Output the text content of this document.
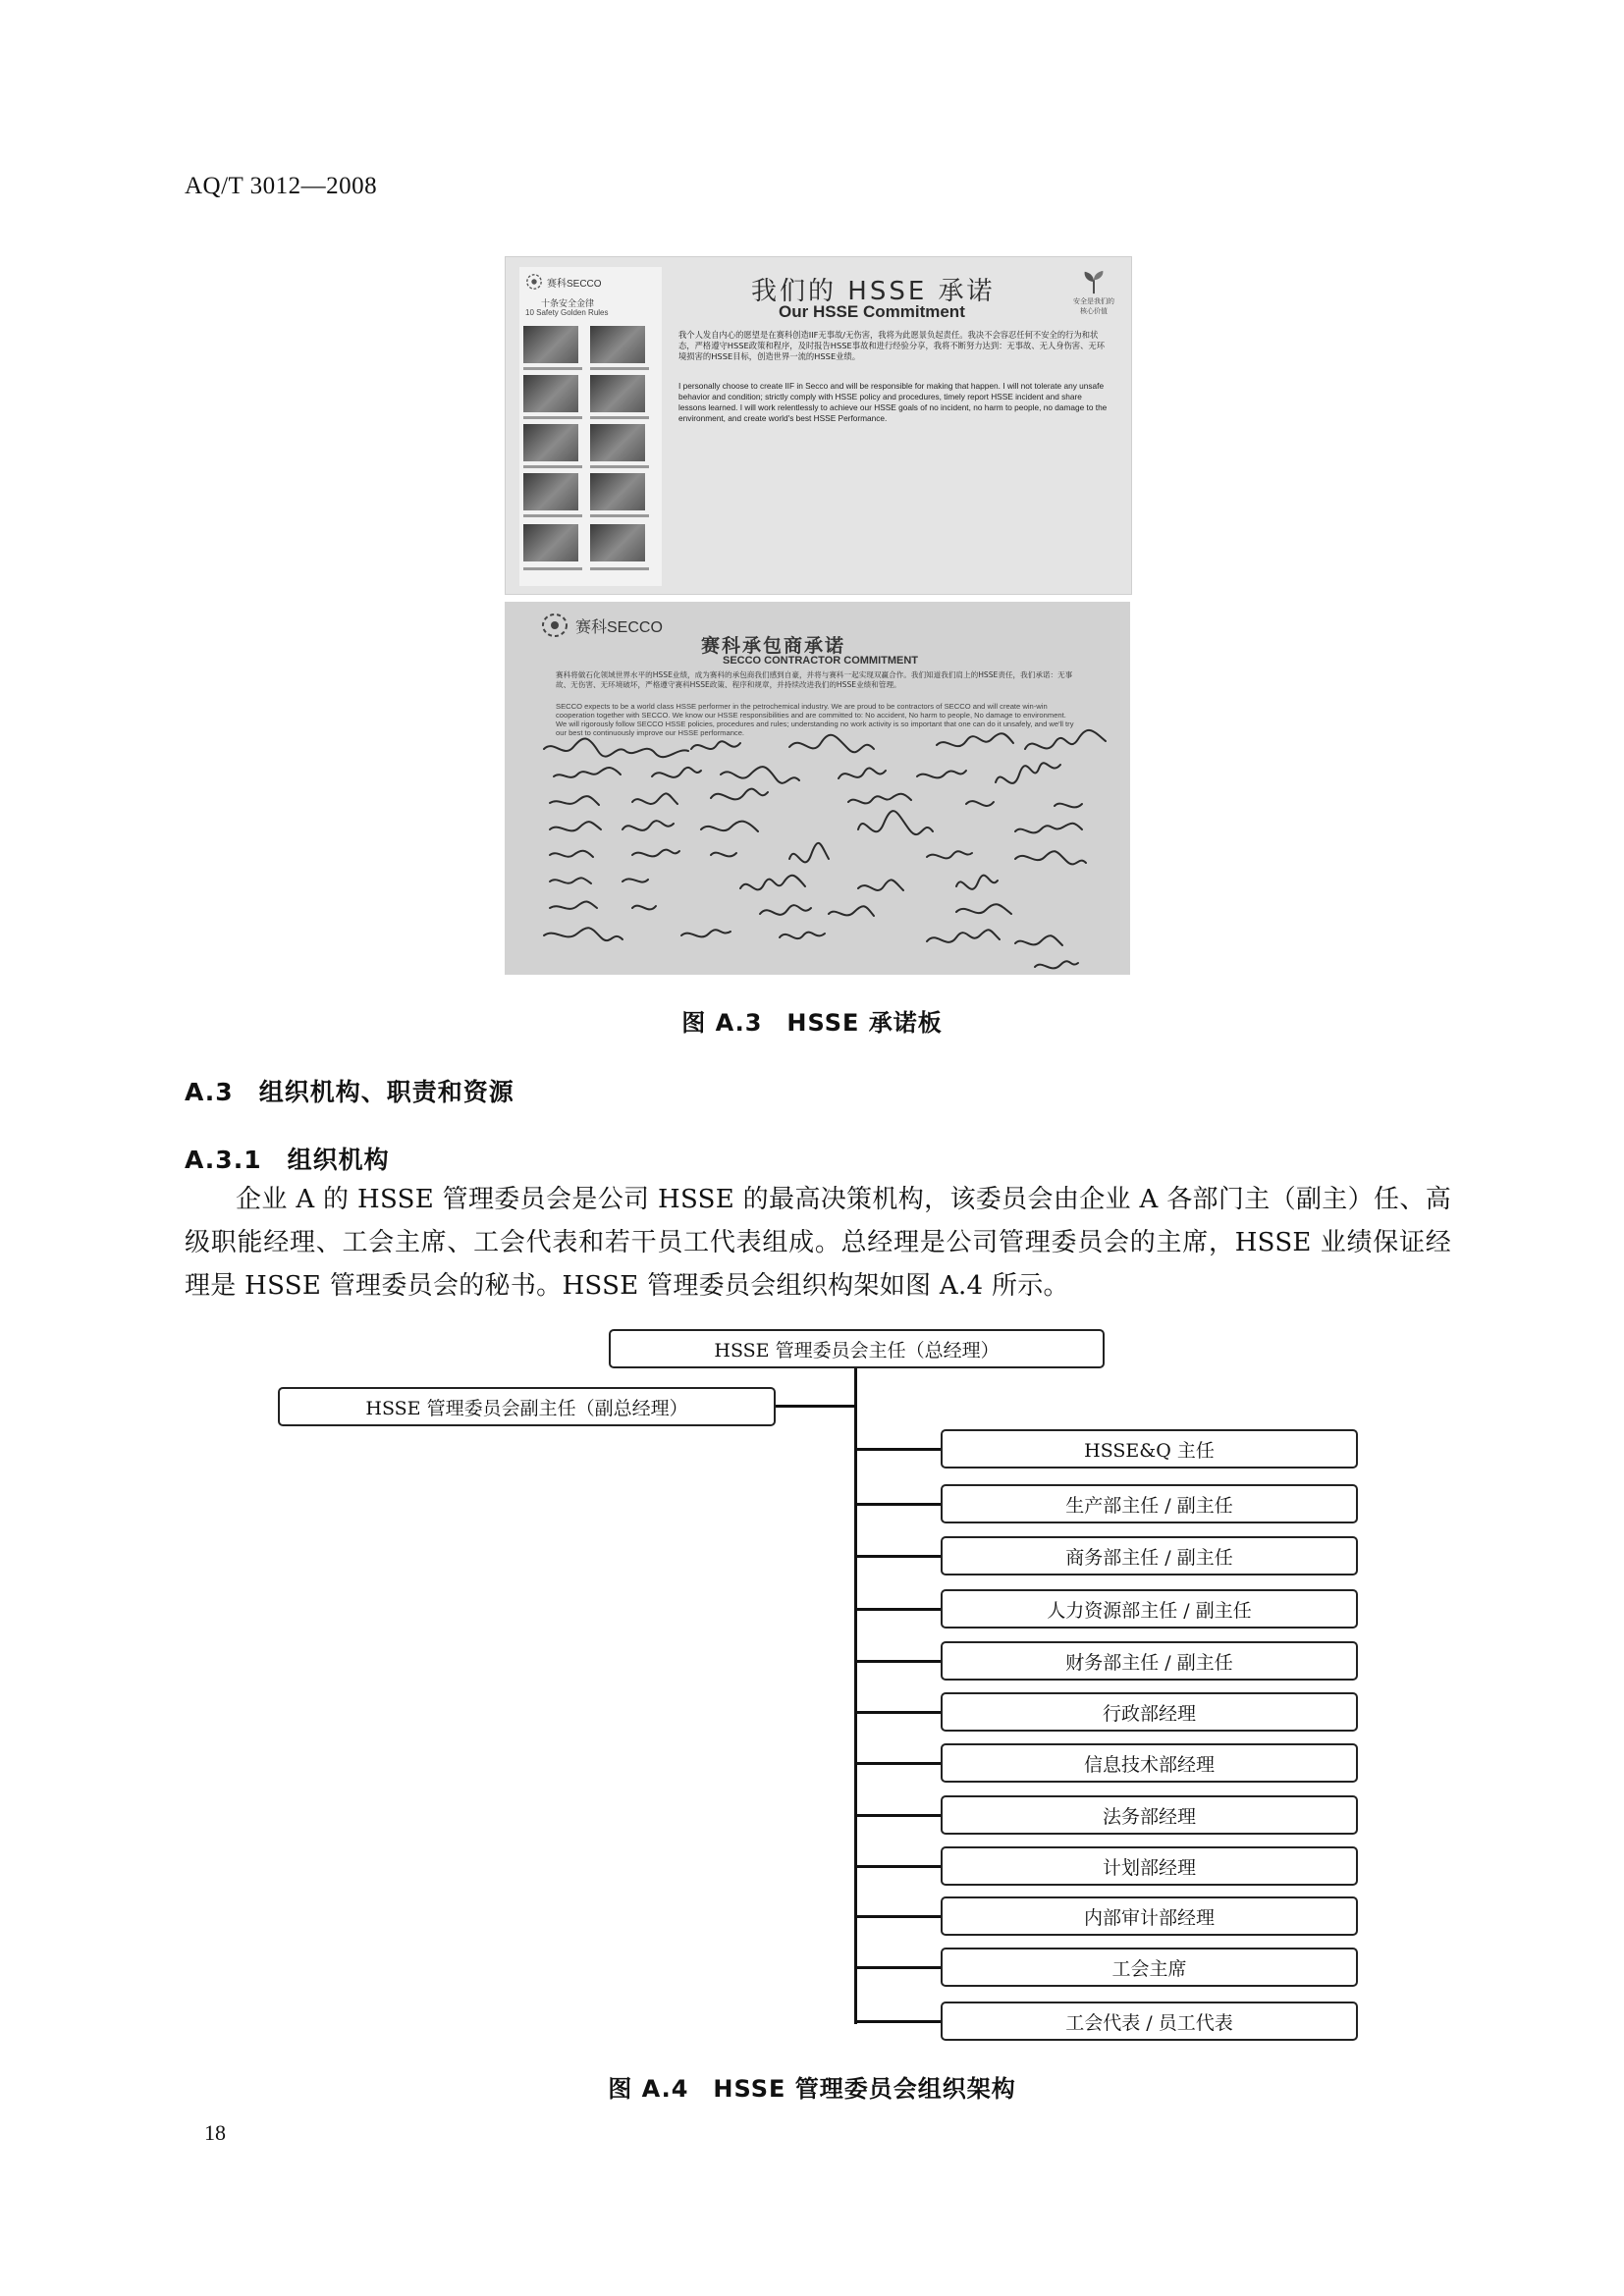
AQ/T 3012—2008
赛科SECCO
十条安全金律
10 Safety Golden Rules
我们的 HSSE 承诺
Our HSSE Commitment
安全是我们的核心价值
我个人发自内心的愿望是在赛科创造IIF无事故/无伤害，我将为此愿景负起责任。我决不会容忍任何不安全的行为和状态，严格遵守HSSE政策和程序，及时报告HSSE事故和进行经验分享，我将不断努力达到：无事故、无人身伤害、无环境损害的HSSE目标，创造世界一流的HSSE业绩。
I personally choose to create IIF in Secco and will be responsible for making that happen. I will not tolerate any unsafe behavior and condition; strictly comply with HSSE policy and procedures, timely report HSSE incident and share lessons learned. I will work relentlessly to achieve our HSSE goals of no incident, no harm to people, no damage to the environment, and create world's best HSSE Performance.
赛科SECCO
赛科承包商承诺
SECCO CONTRACTOR COMMITMENT
赛科将做石化领域世界水平的HSSE业绩，成为赛科的承包商我们感到自豪，并将与赛科一起实现双赢合作。我们知道我们肩上的HSSE责任，我们承诺：无事故、无伤害、无环境破坏，严格遵守赛科HSSE政策、程序和规章，并持续改进我们的HSSE业绩和管理。
SECCO expects to be a world class HSSE performer in the petrochemical industry. We are proud to be contractors of SECCO and will create win-win cooperation together with SECCO. We know our HSSE responsibilities and are committed to: No accident, No harm to people, No damage to environment. We will rigorously follow SECCO HSSE policies, procedures and rules; understanding no work activity is so important that one can do it unsafely, and we'll try our best to continuously improve our HSSE performance.
图 A.3　HSSE 承诺板
A.3 组织机构、职责和资源
A.3.1 组织机构
企业 A 的 HSSE 管理委员会是公司 HSSE 的最高决策机构，该委员会由企业 A 各部门主（副主）任、高级职能经理、工会主席、工会代表和若干员工代表组成。总经理是公司管理委员会的主席，HSSE 业绩保证经理是 HSSE 管理委员会的秘书。HSSE 管理委员会组织构架如图 A.4 所示。
HSSE 管理委员会主任（总经理）
HSSE 管理委员会副主任（副总经理）
HSSE&Q 主任
生产部主任 / 副主任
商务部主任 / 副主任
人力资源部主任 / 副主任
财务部主任 / 副主任
行政部经理
信息技术部经理
法务部经理
计划部经理
内部审计部经理
工会主席
工会代表 / 员工代表
图 A.4　HSSE 管理委员会组织架构
18
